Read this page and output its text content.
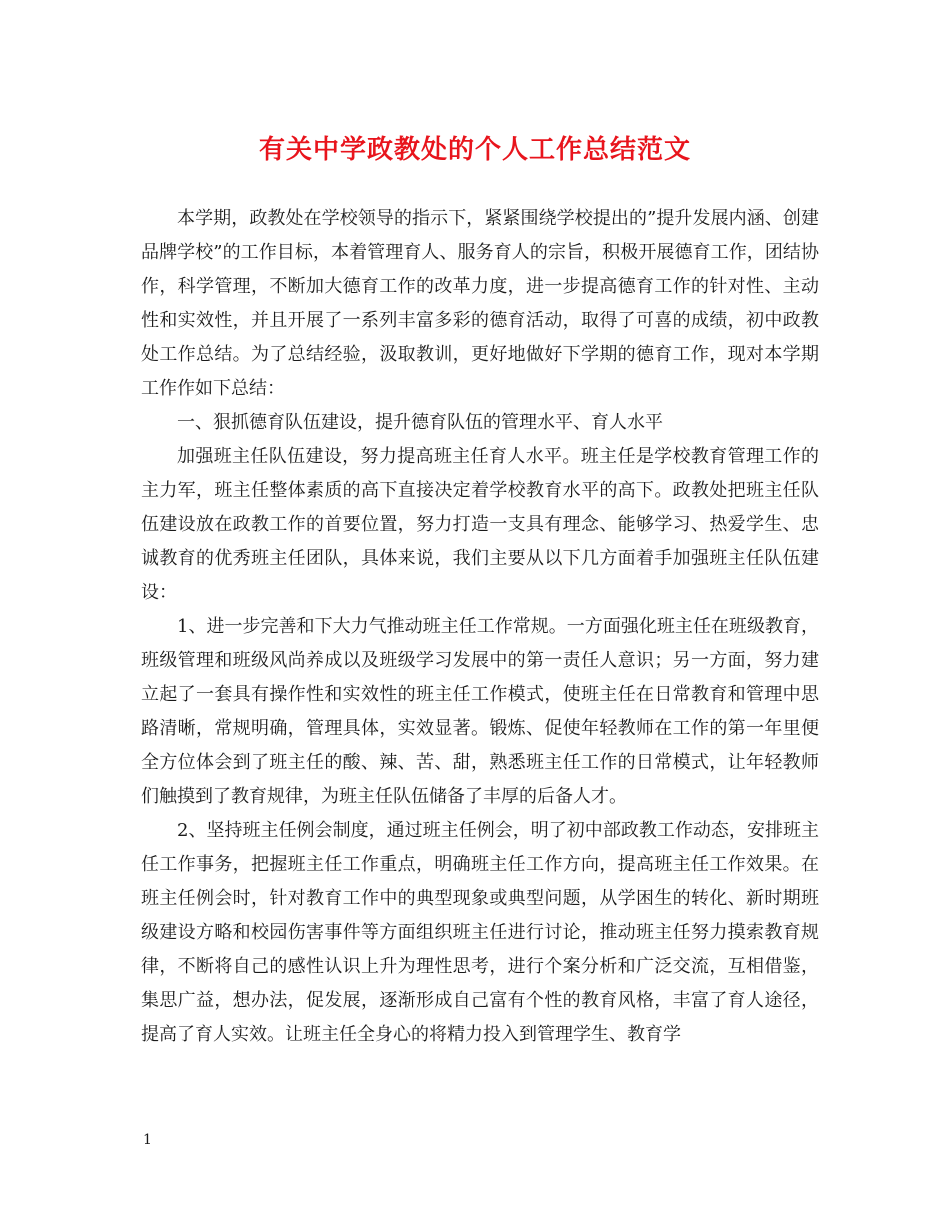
有关中学政教处的个人工作总结范文

本学期，政教处在学校领导的指示下，紧紧围绕学校提出的”提升发展内涵、创建品牌学校”的工作目标，本着管理育人、服务育人的宗旨，积极开展德育工作，团结协作，科学管理，不断加大德育工作的改革力度，进一步提高德育工作的针对性、主动性和实效性，并且开展了一系列丰富多彩的德育活动，取得了可喜的成绩，初中政教处工作总结。为了总结经验，汲取教训，更好地做好下学期的德育工作，现对本学期工作作如下总结：

一、狠抓德育队伍建设，提升德育队伍的管理水平、育人水平

加强班主任队伍建设，努力提高班主任育人水平。班主任是学校教育管理工作的主力军，班主任整体素质的高下直接决定着学校教育水平的高下。政教处把班主任队伍建设放在政教工作的首要位置，努力打造一支具有理念、能够学习、热爱学生、忠诚教育的优秀班主任团队，具体来说，我们主要从以下几方面着手加强班主任队伍建设：

1、进一步完善和下大力气推动班主任工作常规。一方面强化班主任在班级教育，班级管理和班级风尚养成以及班级学习发展中的第一责任人意识；另一方面，努力建立起了一套具有操作性和实效性的班主任工作模式，使班主任在日常教育和管理中思路清晰，常规明确，管理具体，实效显著。锻炼、促使年轻教师在工作的第一年里便全方位体会到了班主任的酸、辣、苦、甜，熟悉班主任工作的日常模式，让年轻教师们触摸到了教育规律，为班主任队伍储备了丰厚的后备人才。

2、坚持班主任例会制度，通过班主任例会，明了初中部政教工作动态，安排班主任工作事务，把握班主任工作重点，明确班主任工作方向，提高班主任工作效果。在班主任例会时，针对教育工作中的典型现象或典型问题，从学困生的转化、新时期班级建设方略和校园伤害事件等方面组织班主任进行讨论，推动班主任努力摸索教育规律，不断将自己的感性认识上升为理性思考，进行个案分析和广泛交流，互相借鉴，集思广益，想办法，促发展，逐渐形成自己富有个性的教育风格，丰富了育人途径，提高了育人实效。让班主任全身心的将精力投入到管理学生、教育学

1
